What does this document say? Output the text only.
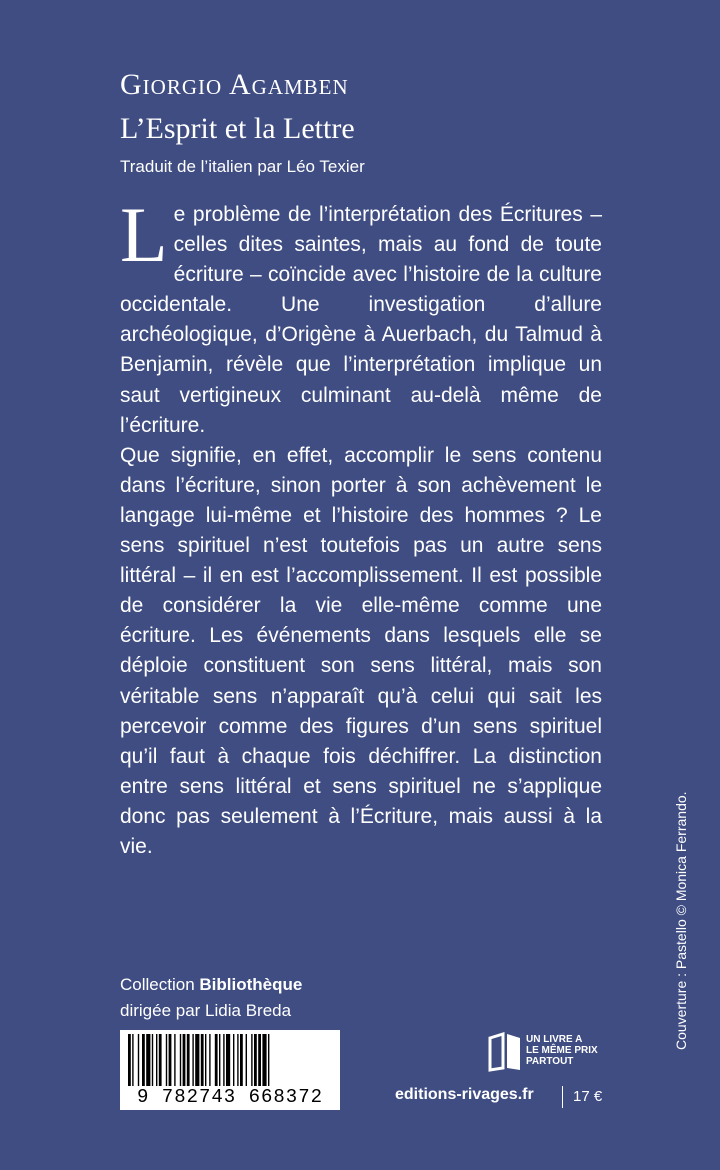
Giorgio Agamben
L’Esprit et la Lettre
Traduit de l’italien par Léo Texier

Le problème de l’interprétation des Écritures – celles dites saintes, mais au fond de toute écriture – coïncide avec l’histoire de la culture occidentale. Une investigation d’allure archéologique, d’Origène à Auerbach, du Talmud à Benjamin, révèle que l’interprétation implique un saut vertigineux culminant au-delà même de l’écriture.

Que signifie, en effet, accomplir le sens contenu dans l’écriture, sinon porter à son achèvement le langage lui-même et l’histoire des hommes ? Le sens spirituel n’est toutefois pas un autre sens littéral – il en est l’accomplissement. Il est possible de considérer la vie elle-même comme une écriture. Les événements dans lesquels elle se déploie constituent son sens littéral, mais son véritable sens n’apparaît qu’à celui qui sait les percevoir comme des figures d’un sens spirituel qu’il faut à chaque fois déchiffrer. La distinction entre sens littéral et sens spirituel ne s’applique donc pas seulement à l’Écriture, mais aussi à la vie.	Couverture : Pastello © Monica Ferrando.
Collection Bibliothèque
dirigée par Lidia Breda
9 782743 668372
UN LIVRE A
LE MÊME PRIX
PARTOUT
editions-rivages.fr	17 €
